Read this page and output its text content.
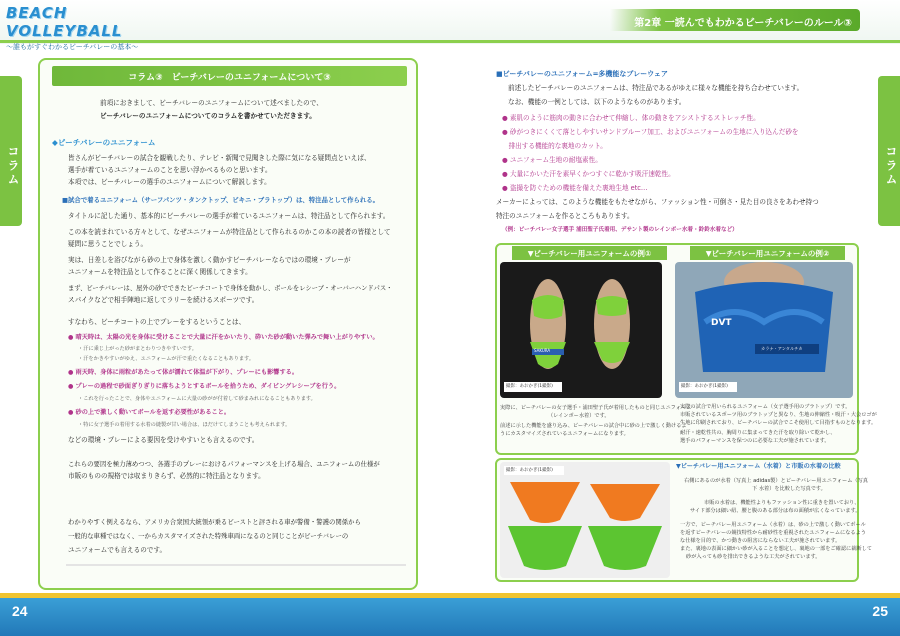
BEACH VOLLEYBALL
〜誰もがすぐわかるビーチバレーの基本〜
第2章 一読んでもわかるビーチバレーのルール③
コラム	コラム
コラム③　ビーチバレーのユニフォームについて③
前項におきまして、ビーチバレーのユニフォームについて述べましたので、
ビーチバレーのユニフォームについてのコラムを書かせていただきます。
◆ビーチバレーのユニフォーム
皆さんがビーチバレーの試合を観戦したり、テレビ・新聞で見聞きした際に気になる疑問点といえば、
選手が着ているユニフォームのことを思い浮かべるものと思います。
本項では、ビーチバレーの選手のユニフォームについて解説します。
■試合で着るユニフォーム（サーフパンツ・タンクトップ、ビキニ・ブラトップ）は、特注品として作られる。
タイトルに記した通り、基本的にビーチバレーの選手が着ているユニフォームは、特注品として作られます。
この本を読まれている方々として、なぜユニフォームが特注品として作られるのかこの本の読者の皆様として
疑問に思うことでしょう。
実は、日差しを浴びながら砂の上で身体を激しく動かすビーチバレーならではの環境・プレーが
ユニフォームを特注品として作ることに深く関係してきます。
まず、ビーチバレーは、屋外の砂でできたビーチコートで身体を動かし、ボールをレシーブ・オーバーハンドパス・
スパイクなどで相手陣地に返してラリーを続けるスポーツです。
すなわち、ビーチコートの上でプレーをするということは、
● 晴天時は、太陽の光を身体に受けることで大量に汗をかいたり、砕いた砂が動いた弾みで舞い上がりやすい。
・汗に乗じ上がった砂がまとわりつきやすいです。
・汗をかきやすいがゆえ、ユニフォームが汗で重たくなることもあります。
● 雨天時、身体に雨粒があたって体が濡れて体温が下がり、プレーにも影響する。
● プレーの過程で砂面ぎりぎりに落ちようとするボールを拾うため、ダイビングレシーブを行う。
・これを行ったことで、身体やユニフォームに大量の砂がが付着して砂まみれになることもあります。
● 砂の上で激しく動いてボールを返す必要性があること。
・特に女子選手の着用する水着の縫製が甘い場合は、ほだけてしまうことも考えられます。
などの環境・プレーによる要因を受けやすいとも言えるのです。
これらの要因を極力薄めつつ、各選手のプレーにおけるパフォーマンスを上げる場合、ユニフォームの仕様が
市販のものの規格では収まりきらず、必然的に特注品となります。
わかりやすく例えるなら、アメリカ合衆国大統領が乗るビーストと評される車が警備・警護の関係から
一般的な車種ではなく、一からカスタマイズされた特殊車両になるのと同じことがビーチバレーの
ユニフォームでも言えるのです。
■ビーチバレーのユニフォーム=多機能なプレーウェア
前述したビーチバレーのユニフォームは、特注品であるがゆえに様々な機能を持ち合わせています。
なお、機能の一例としては、以下のようなものがあります。
● 素肌のように筋肉の動きに合わせて伸縮し、体の動きをアシストするストレッチ性。
● 砂がつきにくくて落としやすいサンドプルーフ加工、およびユニフォームの生地に入り込んだ砂を
　排出する機能的な裏地のカット。
● ユニフォーム生地の耐塩素性。
● 大量にかいた汗を素早くかつすぐに乾かす吸汗速乾性。
● 盗撮を防ぐための機能を備えた裏地生地 etc…
メーカーによっては、このような機能をもたせながら、ファッション性・可倒さ・見た目の良さをあわせ持つ
特注のユニフォームを作るところもあります。
（例：ビーチバレー女子選手 浦田聖子氏着用、デサント製のレインボー水着・鈴鈴水着など）
▼ビーチバレー用ユニフォームの例①	▼ビーチバレー用ユニフォームの例②
撮影：あおかぎ(1撮影)
SAKURA
撮影：あおかぎ(1撮影)
カラナ・アンタルチカ
DVT
実際に、ビーチバレーの女子選手・浦田聖子氏が着用したものと同じユニフォーム
（レインボー水着）です。
前述に示した機能を盛り込み、ビーチバレーの試合中に砂の上で激しく動けるよ
うにカスタマイズされているユニフォームになります。
実際の試合で用いられるユニフォーム（女子選手用のブラトップ）です。
市販されているスポーツ用のブラトップと異なり、生地の伸縮性・吸汗・大会ロゴが
生地に印刷されており、ビーチバレーの試合でこそ使用して目指すものとなります。
耐汗・速乾性共の、胸周りに集まってきた汗を取り除いて乾かし、
選手のパフォーマンスを保つのに必要な工夫が施されています。
撮影：あおかぎ(1撮影)
▼ビーチバレー用ユニフォーム（水着）と市販の水着の比較
右側にあるのが水着（写真上 adidas製）とビーチバレー用ユニフォーム（写真
下 水着）を比較した写真です。
市販の水着は、機能性よりもファッション性に重きを置いており、
サイド部分は細い紐、腰と腹のある部分は布の面積が広くなっています。
一方で、ビーチバレー用ユニフォーム（水着）は、砂の上で激しく動いてボール
を返すビーチバレーの競技特性から耐砂性を重視されたユニフォームになるよう
な仕様を目的で、かつ動きの阻害にならない工夫が施されています。
また、裏地の表面に細かい砂が入ることを想定し、裏地の一部をご確認に裁断して
砂が入っても砂を排出できるような工夫がされています。
24	25
